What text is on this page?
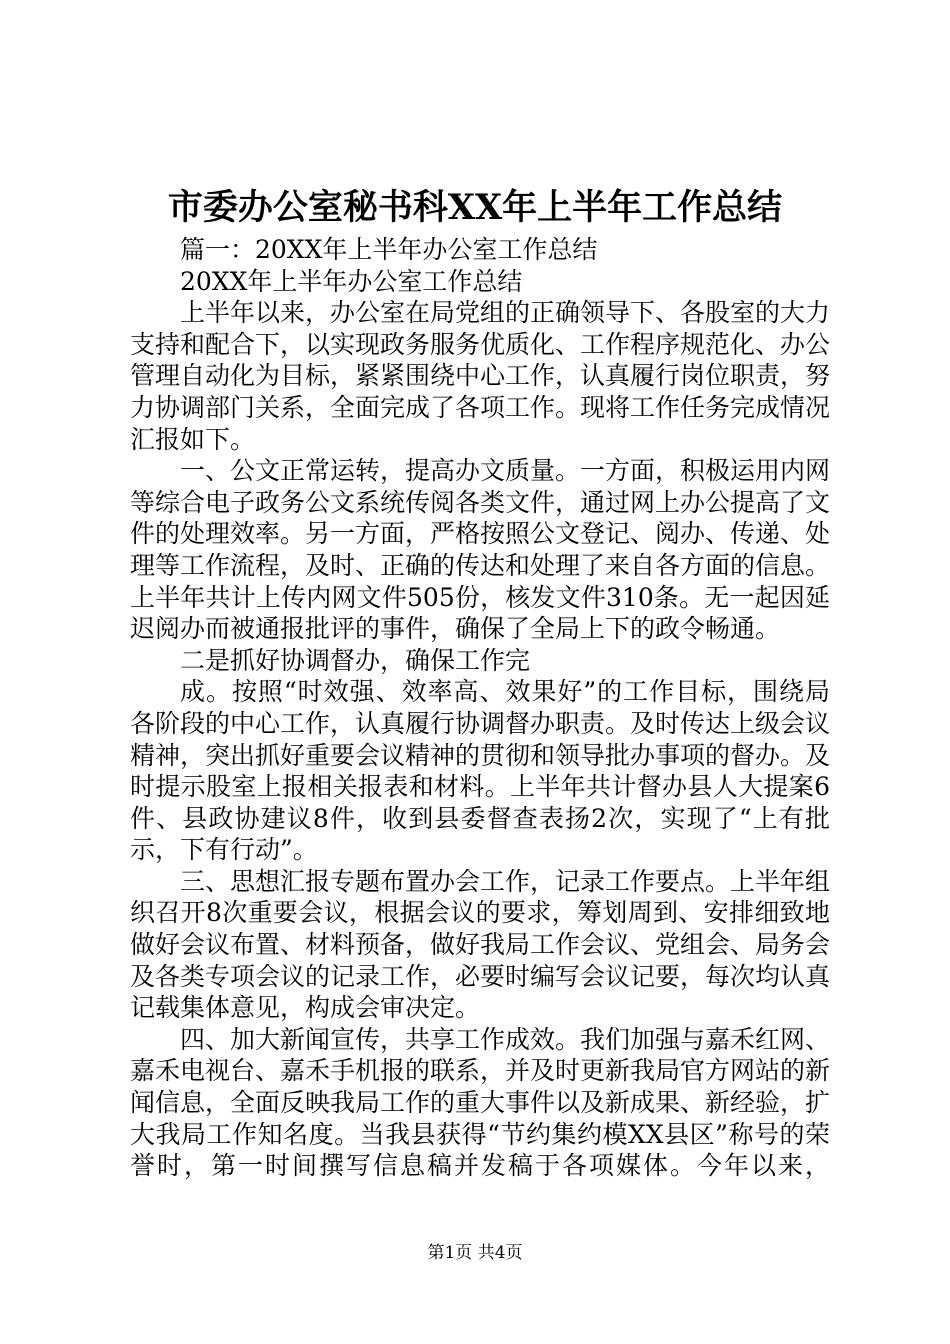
市委办公室秘书科XX年上半年工作总结

篇一：20XX年上半年办公室工作总结

20XX年上半年办公室工作总结

上半年以来，办公室在局党组的正确领导下、各股室的大力支持和配合下，以实现政务服务优质化、工作程序规范化、办公管理自动化为目标，紧紧围绕中心工作，认真履行岗位职责，努力协调部门关系，全面完成了各项工作。现将工作任务完成情况汇报如下。

一、公文正常运转，提高办文质量。一方面，积极运用内网等综合电子政务公文系统传阅各类文件，通过网上办公提高了文件的处理效率。另一方面，严格按照公文登记、阅办、传递、处理等工作流程，及时、正确的传达和处理了来自各方面的信息。上半年共计上传内网文件505份，核发文件310条。无一起因延迟阅办而被通报批评的事件，确保了全局上下的政令畅通。

二是抓好协调督办，确保工作完

成。按照“时效强、效率高、效果好”的工作目标，围绕局各阶段的中心工作，认真履行协调督办职责。及时传达上级会议精神，突出抓好重要会议精神的贯彻和领导批办事项的督办。及时提示股室上报相关报表和材料。上半年共计督办县人大提案6件、县政协建议8件，收到县委督查表扬2次，实现了“上有批示，下有行动”。

三、思想汇报专题布置办会工作，记录工作要点。上半年组织召开8次重要会议，根据会议的要求，筹划周到、安排细致地做好会议布置、材料预备，做好我局工作会议、党组会、局务会及各类专项会议的记录工作，必要时编写会议记要，每次均认真记载集体意见，构成会审决定。

四、加大新闻宣传，共享工作成效。我们加强与嘉禾红网、嘉禾电视台、嘉禾手机报的联系，并及时更新我局官方网站的新闻信息，全面反映我局工作的重大事件以及新成果、新经验，扩大我局工作知名度。当我县获得“节约集约模XX县区”称号的荣誉时，第一时间撰写信息稿并发稿于各项媒体。今年以来，

第1页 共4页
